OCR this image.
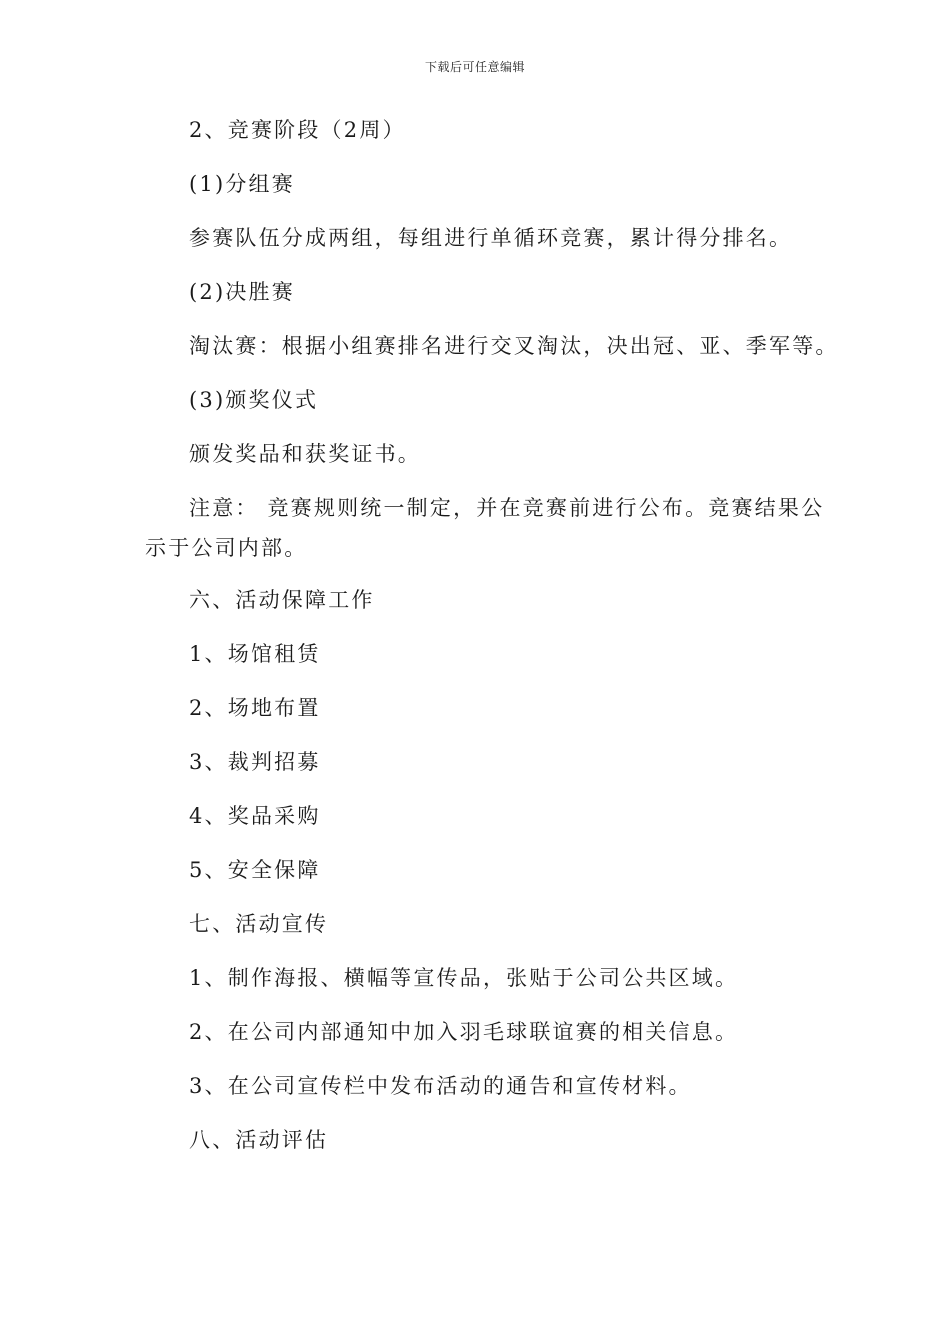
下载后可任意编辑
2、竞赛阶段（2周）
(1)分组赛
参赛队伍分成两组，每组进行单循环竞赛，累计得分排名。
(2)决胜赛
淘汰赛：根据小组赛排名进行交叉淘汰，决出冠、亚、季军等。
(3)颁奖仪式
颁发奖品和获奖证书。
注意： 竞赛规则统一制定，并在竞赛前进行公布。竞赛结果公
示于公司内部。
六、活动保障工作
1、场馆租赁
2、场地布置
3、裁判招募
4、奖品采购
5、安全保障
七、活动宣传
1、制作海报、横幅等宣传品，张贴于公司公共区域。
2、在公司内部通知中加入羽毛球联谊赛的相关信息。
3、在公司宣传栏中发布活动的通告和宣传材料。
八、活动评估
